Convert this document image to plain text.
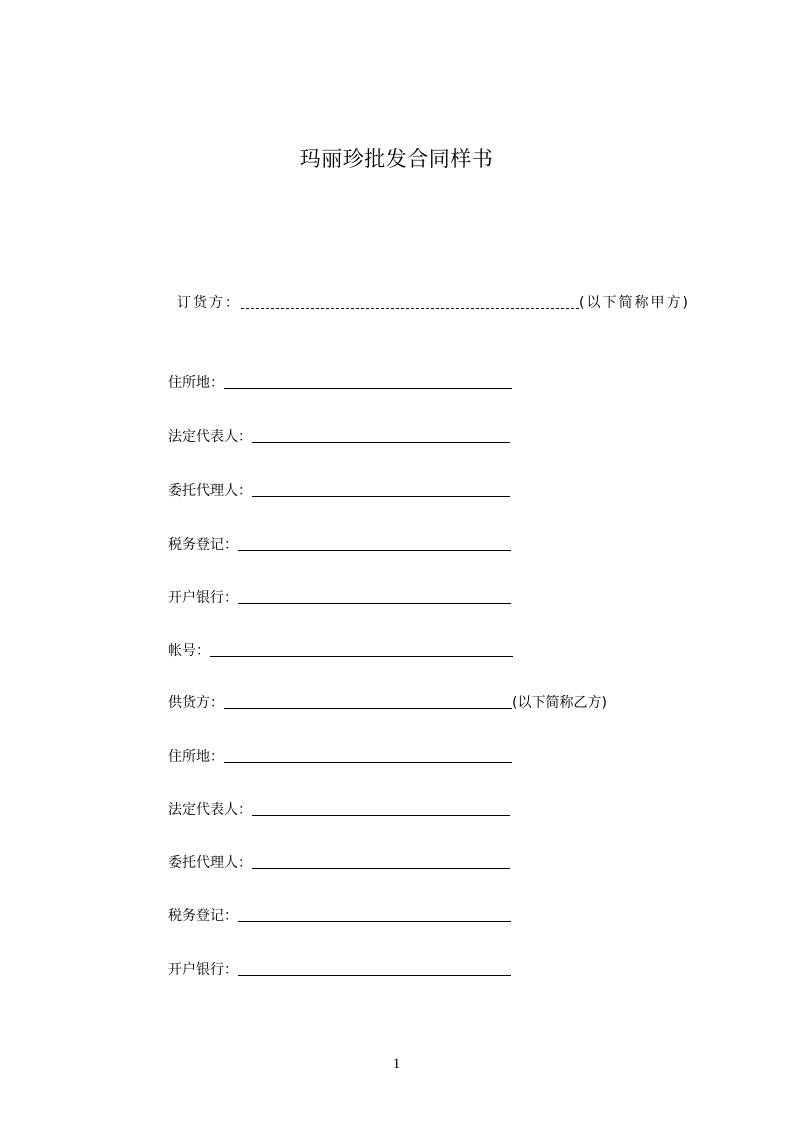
玛丽珍批发合同样书
订货方：	(以下简称甲方)
住所地：
法定代表人：
委托代理人：
税务登记：
开户银行：
帐号：
供货方：	(以下简称乙方)
住所地：
法定代表人：
委托代理人：
税务登记：
开户银行：
1
